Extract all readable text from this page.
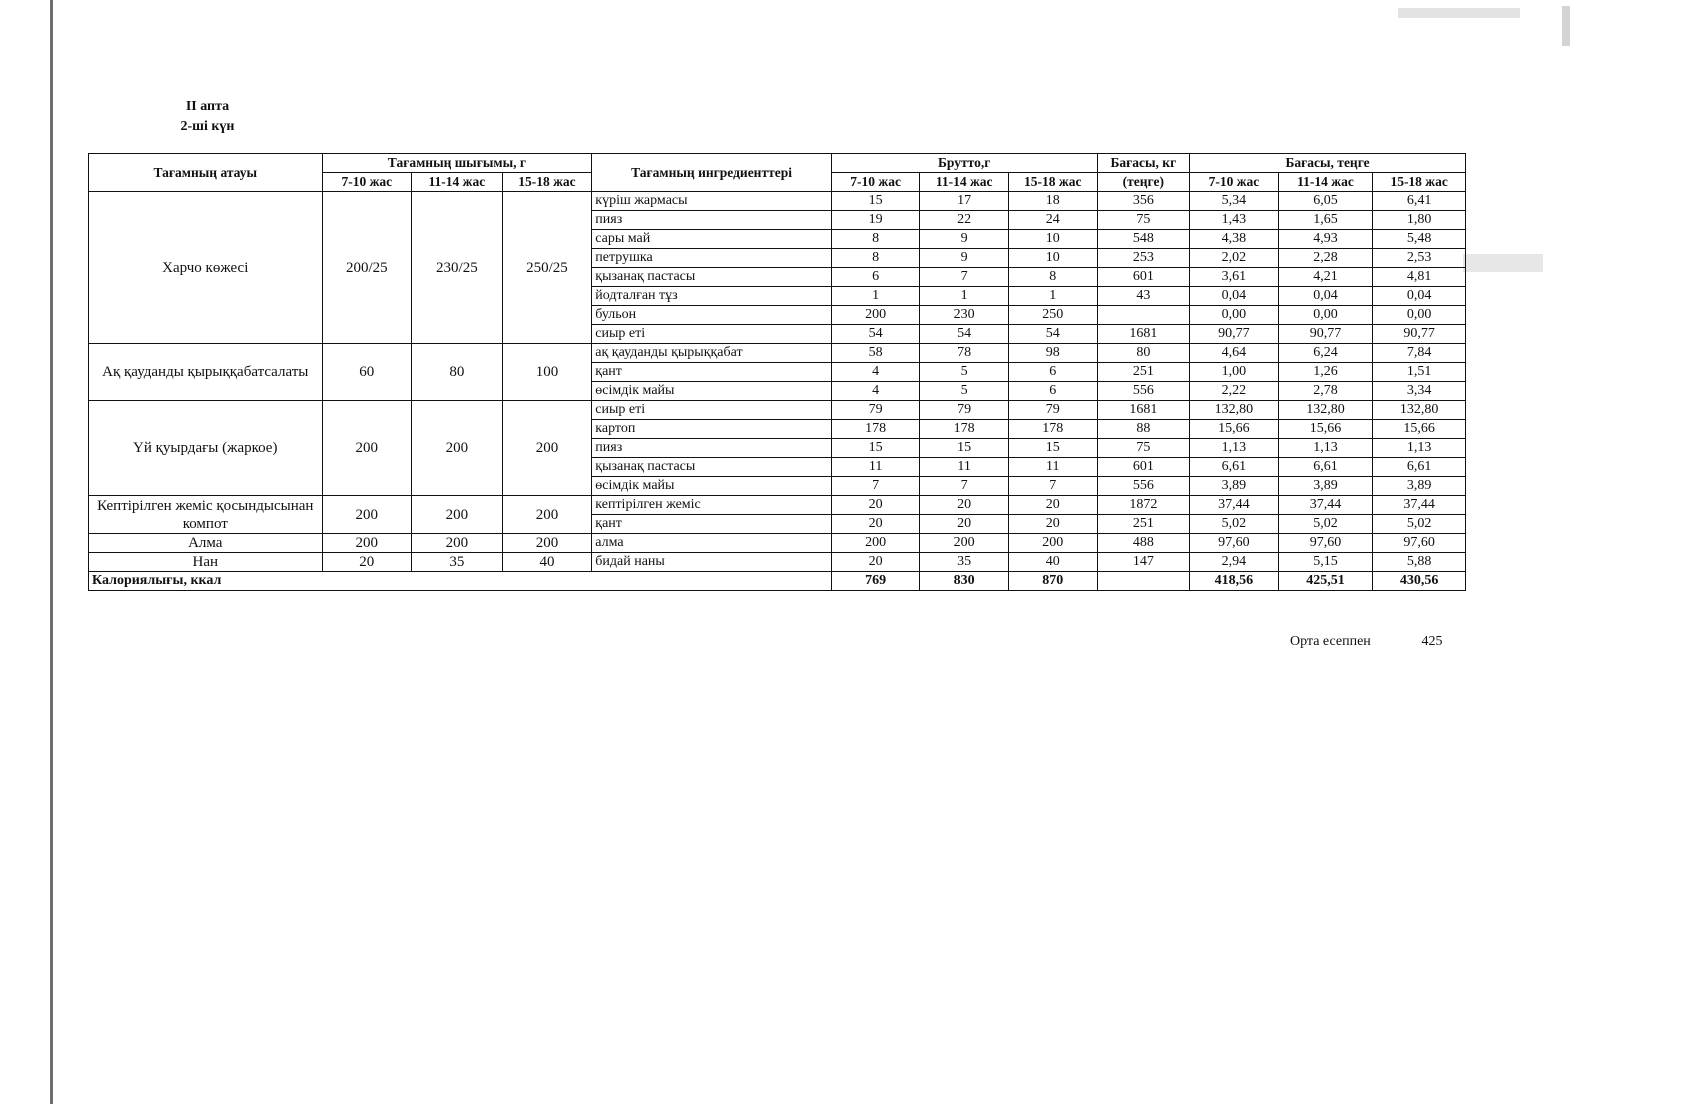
II апта
2-ші күн
Тағамның атауы	Тағамның шығымы, г			Тағамның ингредиенттері	Брутто,г			Бағасы, кг	Бағасы, теңге		
	7-10 жас	11-14 жас	15-18 жас		7-10 жас	11-14 жас	15-18 жас	(теңге)	7-10 жас	11-14 жас	15-18 жас
Харчо көжесі	200/25	230/25	250/25	күріш жармасы	15	17	18	356	5,34	6,05	6,41
				пияз	19	22	24	75	1,43	1,65	1,80
				сары май	8	9	10	548	4,38	4,93	5,48
				петрушка	8	9	10	253	2,02	2,28	2,53
				қызанақ пастасы	6	7	8	601	3,61	4,21	4,81
				йодталған тұз	1	1	1	43	0,04	0,04	0,04
				бульон	200	230	250		0,00	0,00	0,00
				сиыр еті	54	54	54	1681	90,77	90,77	90,77
Ақ қауданды қырыққабатсалаты	60	80	100	ақ қауданды қырыққабат	58	78	98	80	4,64	6,24	7,84
				қант	4	5	6	251	1,00	1,26	1,51
				өсімдік майы	4	5	6	556	2,22	2,78	3,34
Үй қуырдағы (жаркое)	200	200	200	сиыр еті	79	79	79	1681	132,80	132,80	132,80
				картоп	178	178	178	88	15,66	15,66	15,66
				пияз	15	15	15	75	1,13	1,13	1,13
				қызанақ пастасы	11	11	11	601	6,61	6,61	6,61
				өсімдік майы	7	7	7	556	3,89	3,89	3,89
Кептірілген жеміс қосындысынан компот	200	200	200	кептірілген жеміс	20	20	20	1872	37,44	37,44	37,44
				қант	20	20	20	251	5,02	5,02	5,02
Алма	200	200	200	алма	200	200	200	488	97,60	97,60	97,60
Нан	20	35	40	бидай наны	20	35	40	147	2,94	5,15	5,88
Калориялығы, ккал					769	830	870		418,56	425,51	430,56
Орта есеппен	425
